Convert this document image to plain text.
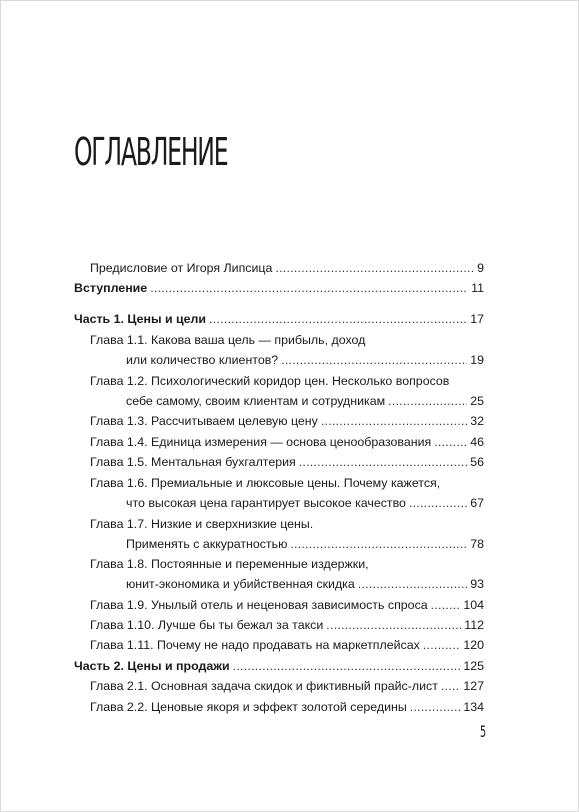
ОГЛАВЛЕНИЕ
Предисловие от Игоря Липсица . . .	9
Вступление . . .	11
Часть 1. Цены и цели . . .	17
Глава 1.1. Какова ваша цель — прибыль, доход
или количество клиентов? . . .	19
Глава 1.2. Психологический коридор цен. Несколько вопросов
себе самому, своим клиентам и сотрудникам . . .	25
Глава 1.3. Рассчитываем целевую цену . . .	32
Глава 1.4. Единица измерения — основа ценообразования . . .	46
Глава 1.5. Ментальная бухгалтерия . . .	56
Глава 1.6. Премиальные и люксовые цены. Почему кажется,
что высокая цена гарантирует высокое качество . . .	67
Глава 1.7. Низкие и сверхнизкие цены.
Применять с аккуратностью . . .	78
Глава 1.8. Постоянные и переменные издержки,
юнит-экономика и убийственная скидка . . .	93
Глава 1.9. Унылый отель и неценовая зависимость спроса . . .	104
Глава 1.10. Лучше бы ты бежал за такси . . .	112
Глава 1.11. Почему не надо продавать на маркетплейсах . . .	120
Часть 2. Цены и продажи . . .	125
Глава 2.1. Основная задача скидок и фиктивный прайс-лист . . . 127
Глава 2.2. Ценовые якоря и эффект золотой середины . . .	134
5
